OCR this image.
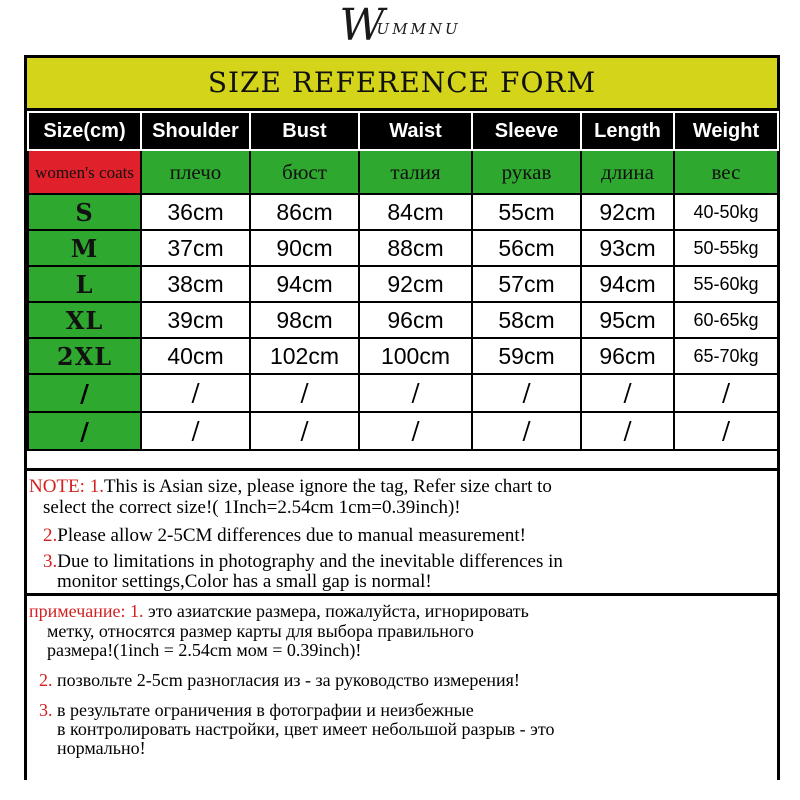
WUMMNU
SIZE REFERENCE FORM
Size(cm)	Shoulder	Bust	Waist	Sleeve	Length	Weight
women's coats	плечо	бюст	талия	рукав	длина	вес
S	36cm	86cm	84cm	55cm	92cm	40-50kg
M	37cm	90cm	88cm	56cm	93cm	50-55kg
L	38cm	94cm	92cm	57cm	94cm	55-60kg
XL	39cm	98cm	96cm	58cm	95cm	60-65kg
2XL	40cm	102cm	100cm	59cm	96cm	65-70kg
/	/	/	/	/	/	/
/	/	/	/	/	/	/

NOTE: 1.This is Asian size, please ignore the tag, Refer size chart to

select the correct size!( 1Inch=2.54cm 1cm=0.39inch)!

2.Please allow 2-5CM differences due to manual measurement!

3.Due to limitations in photography and the inevitable differences in

monitor settings,Color has a small gap is normal!

примечание: 1. это азиатские размера, пожалуйста, игнорировать

метку, относятся размер карты для выбора правильного

размера!(1inch = 2.54cm мом = 0.39inch)!

2. позвольте 2-5cm разногласия из - за руководство измерения!

3. в результате ограничения в фотографии и неизбежные

в контролировать настройки, цвет имеет небольшой разрыв - это

нормально!
